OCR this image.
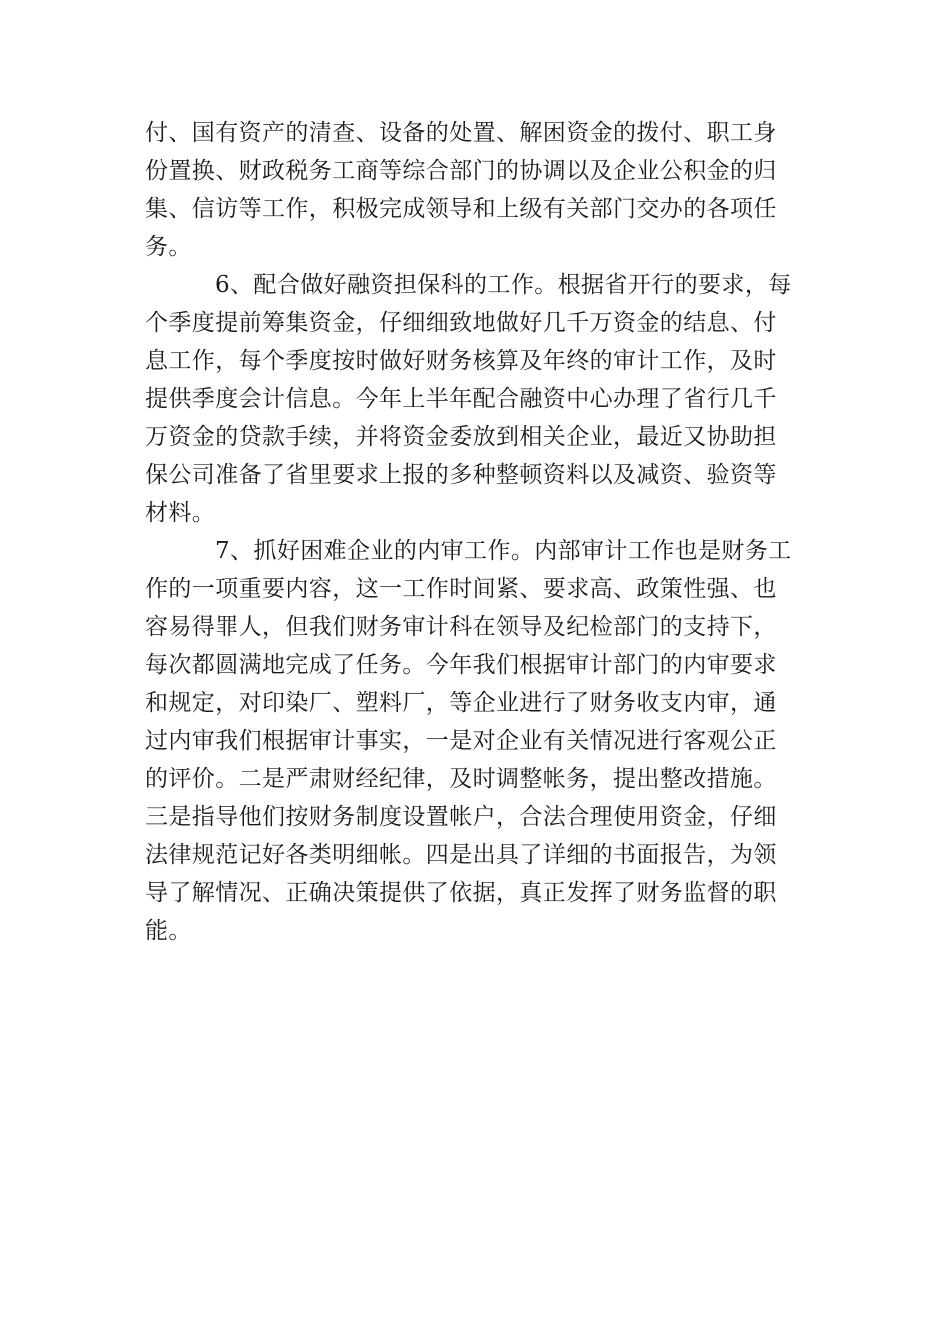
付、国有资产的清查、设备的处置、解困资金的拨付、职工身
份置换、财政税务工商等综合部门的协调以及企业公积金的归
集、信访等工作，积极完成领导和上级有关部门交办的各项任
务。
6、配合做好融资担保科的工作。根据省开行的要求，每
个季度提前筹集资金，仔细细致地做好几千万资金的结息、付
息工作，每个季度按时做好财务核算及年终的审计工作，及时
提供季度会计信息。今年上半年配合融资中心办理了省行几千
万资金的贷款手续，并将资金委放到相关企业，最近又协助担
保公司准备了省里要求上报的多种整顿资料以及减资、验资等
材料。
7、抓好困难企业的内审工作。内部审计工作也是财务工
作的一项重要内容，这一工作时间紧、要求高、政策性强、也
容易得罪人，但我们财务审计科在领导及纪检部门的支持下，
每次都圆满地完成了任务。今年我们根据审计部门的内审要求
和规定，对印染厂、塑料厂，等企业进行了财务收支内审，通
过内审我们根据审计事实，一是对企业有关情况进行客观公正
的评价。二是严肃财经纪律，及时调整帐务，提出整改措施。
三是指导他们按财务制度设置帐户，合法合理使用资金，仔细
法律规范记好各类明细帐。四是出具了详细的书面报告，为领
导了解情况、正确决策提供了依据，真正发挥了财务监督的职
能。
